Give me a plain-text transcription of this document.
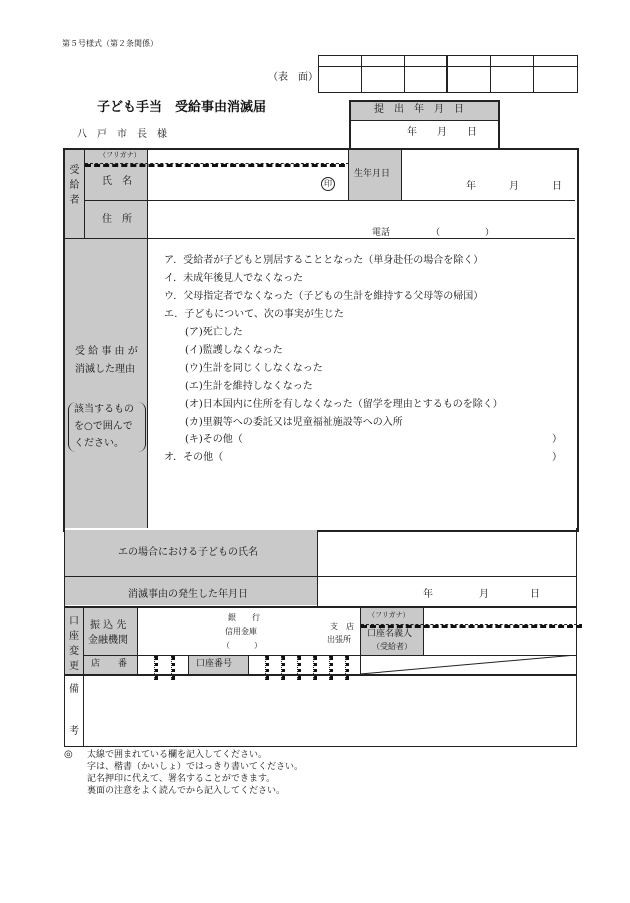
第５号様式（第２条関係）
（表　面）
子ども手当　受給事由消滅届
八　戸　市　長　様
提　出　年　月　日
年　　月　　日
受給者
（フリガナ）
氏　名	印
生年月日
年	月	日
住　所
電話	（　　　　　）
受 給 事 由 が
消滅した理由
該当するもの
を○で囲んで
ください。
ア．受給者が子どもと別居することとなった（単身赴任の場合を除く）
イ．未成年後見人でなくなった
ウ．父母指定者でなくなった（子どもの生計を維持する父母等の帰国）
エ．子どもについて、次の事実が生じた
(ア)死亡した
(イ)監護しなくなった
(ウ)生計を同じくしなくなった
(エ)生計を維持しなくなった
(オ)日本国内に住所を有しなくなった（留学を理由とするものを除く）
(カ)里親等への委託又は児童福祉施設等への入所
(キ)その他（	）
オ．その他（	）
エの場合における子どもの氏名
消滅事由の発生した年月日	年	月	日
口座変更
振 込 先
金融機関
銀　　行
信用金庫
（　　　）
支　店
出張所
（フリガナ）
口座名義人
（受給者）
店　　番	口座番号
備
考
◎ 太線で囲まれている欄を記入してください。
字は、楷書（かいしょ）ではっきり書いてください。
記名押印に代えて、署名することができます。
裏面の注意をよく読んでから記入してください。
